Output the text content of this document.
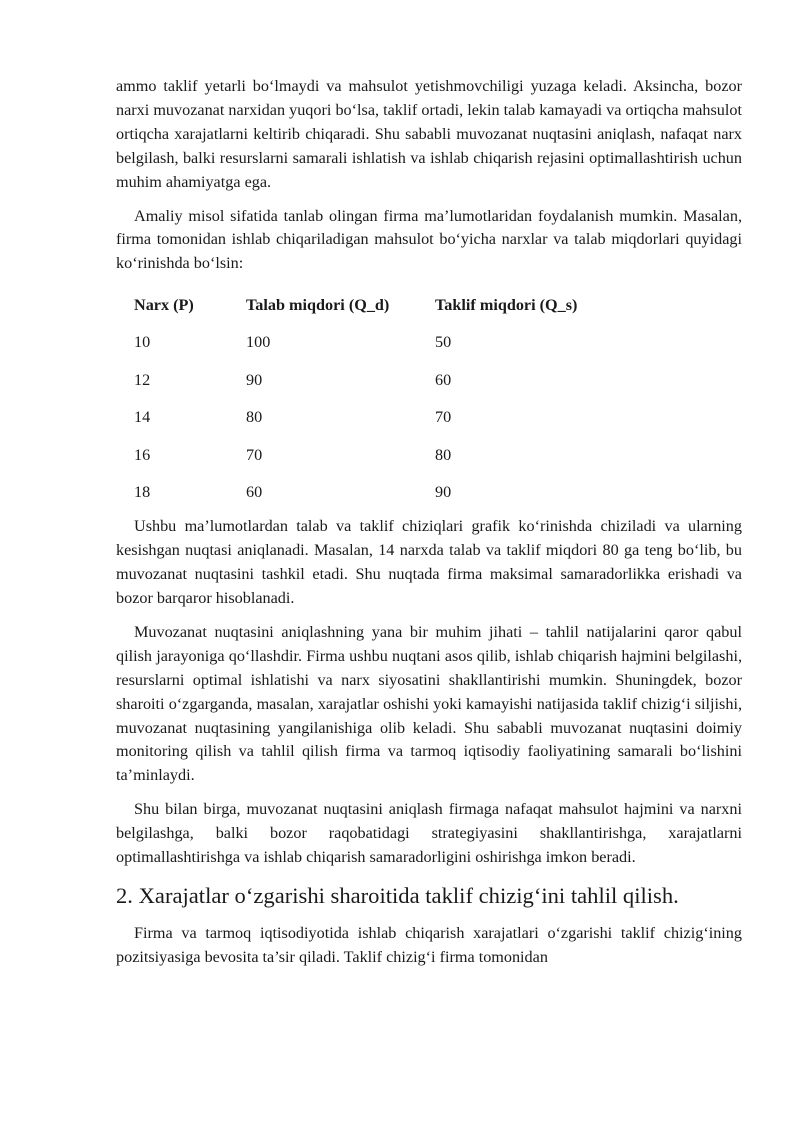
ammo taklif yetarli bo‘lmaydi va mahsulot yetishmovchiligi yuzaga keladi. Aksincha, bozor narxi muvozanat narxidan yuqori bo‘lsa, taklif ortadi, lekin talab kamayadi va ortiqcha mahsulot ortiqcha xarajatlarni keltirib chiqaradi. Shu sababli muvozanat nuqtasini aniqlash, nafaqat narx belgilash, balki resurslarni samarali ishlatish va ishlab chiqarish rejasini optimallashtirish uchun muhim ahamiyatga ega.

Amaliy misol sifatida tanlab olingan firma ma’lumotlaridan foydalanish mumkin. Masalan, firma tomonidan ishlab chiqariladigan mahsulot bo‘yicha narxlar va talab miqdorlari quyidagi ko‘rinishda bo‘lsin:

Narx (P)	Talab miqdori (Q_d)	Taklif miqdori (Q_s)
10	100	50
12	90	60
14	80	70
16	70	80
18	60	90

Ushbu ma’lumotlardan talab va taklif chiziqlari grafik ko‘rinishda chiziladi va ularning kesishgan nuqtasi aniqlanadi. Masalan, 14 narxda talab va taklif miqdori 80 ga teng bo‘lib, bu muvozanat nuqtasini tashkil etadi. Shu nuqtada firma maksimal samaradorlikka erishadi va bozor barqaror hisoblanadi.

Muvozanat nuqtasini aniqlashning yana bir muhim jihati – tahlil natijalarini qaror qabul qilish jarayoniga qo‘llashdir. Firma ushbu nuqtani asos qilib, ishlab chiqarish hajmini belgilashi, resurslarni optimal ishlatishi va narx siyosatini shakllantirishi mumkin. Shuningdek, bozor sharoiti o‘zgarganda, masalan, xarajatlar oshishi yoki kamayishi natijasida taklif chizig‘i siljishi, muvozanat nuqtasining yangilanishiga olib keladi. Shu sababli muvozanat nuqtasini doimiy monitoring qilish va tahlil qilish firma va tarmoq iqtisodiy faoliyatining samarali bo‘lishini ta’minlaydi.

Shu bilan birga, muvozanat nuqtasini aniqlash firmaga nafaqat mahsulot hajmini va narxni belgilashga, balki bozor raqobatidagi strategiyasini shakllantirishga, xarajatlarni optimallashtirishga va ishlab chiqarish samaradorligini oshirishga imkon beradi.

2. Xarajatlar o‘zgarishi sharoitida taklif chizig‘ini tahlil qilish.

Firma va tarmoq iqtisodiyotida ishlab chiqarish xarajatlari o‘zgarishi taklif chizig‘ining pozitsiyasiga bevosita ta’sir qiladi. Taklif chizig‘i firma tomonidan
